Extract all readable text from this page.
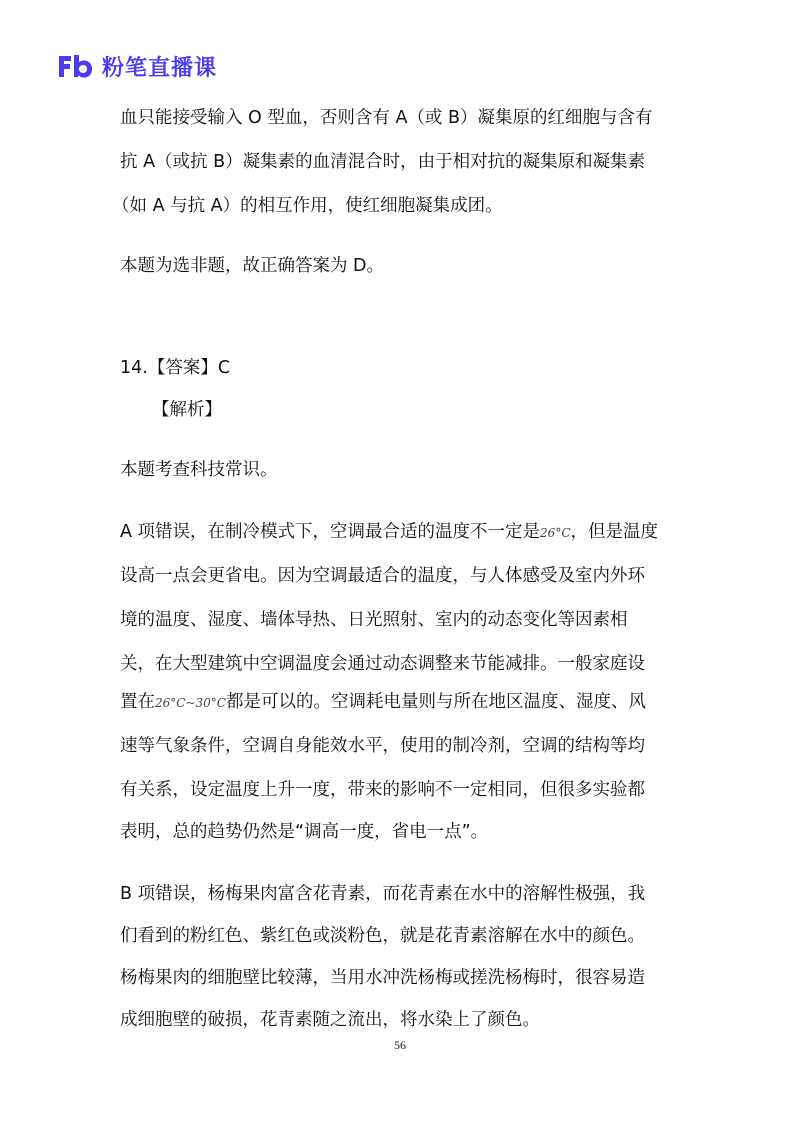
粉笔直播课
血只能接受输入 O 型血，否则含有 A（或 B）凝集原的红细胞与含有
抗 A（或抗 B）凝集素的血清混合时，由于相对抗的凝集原和凝集素
（如 A 与抗 A）的相互作用，使红细胞凝集成团。
本题为选非题，故正确答案为 D。
14.【答案】C
【解析】
本题考查科技常识。
A 项错误，在制冷模式下，空调最合适的温度不一定是26°C，但是温度
设高一点会更省电。因为空调最适合的温度，与人体感受及室内外环
境的温度、湿度、墙体导热、日光照射、室内的动态变化等因素相
关，在大型建筑中空调温度会通过动态调整来节能减排。一般家庭设
置在26°C~30°C都是可以的。空调耗电量则与所在地区温度、湿度、风
速等气象条件，空调自身能效水平，使用的制冷剂，空调的结构等均
有关系，设定温度上升一度，带来的影响不一定相同，但很多实验都
表明，总的趋势仍然是“调高一度，省电一点”。
B 项错误，杨梅果肉富含花青素，而花青素在水中的溶解性极强，我
们看到的粉红色、紫红色或淡粉色，就是花青素溶解在水中的颜色。
杨梅果肉的细胞壁比较薄，当用水冲洗杨梅或搓洗杨梅时，很容易造
成细胞壁的破损，花青素随之流出，将水染上了颜色。
56
